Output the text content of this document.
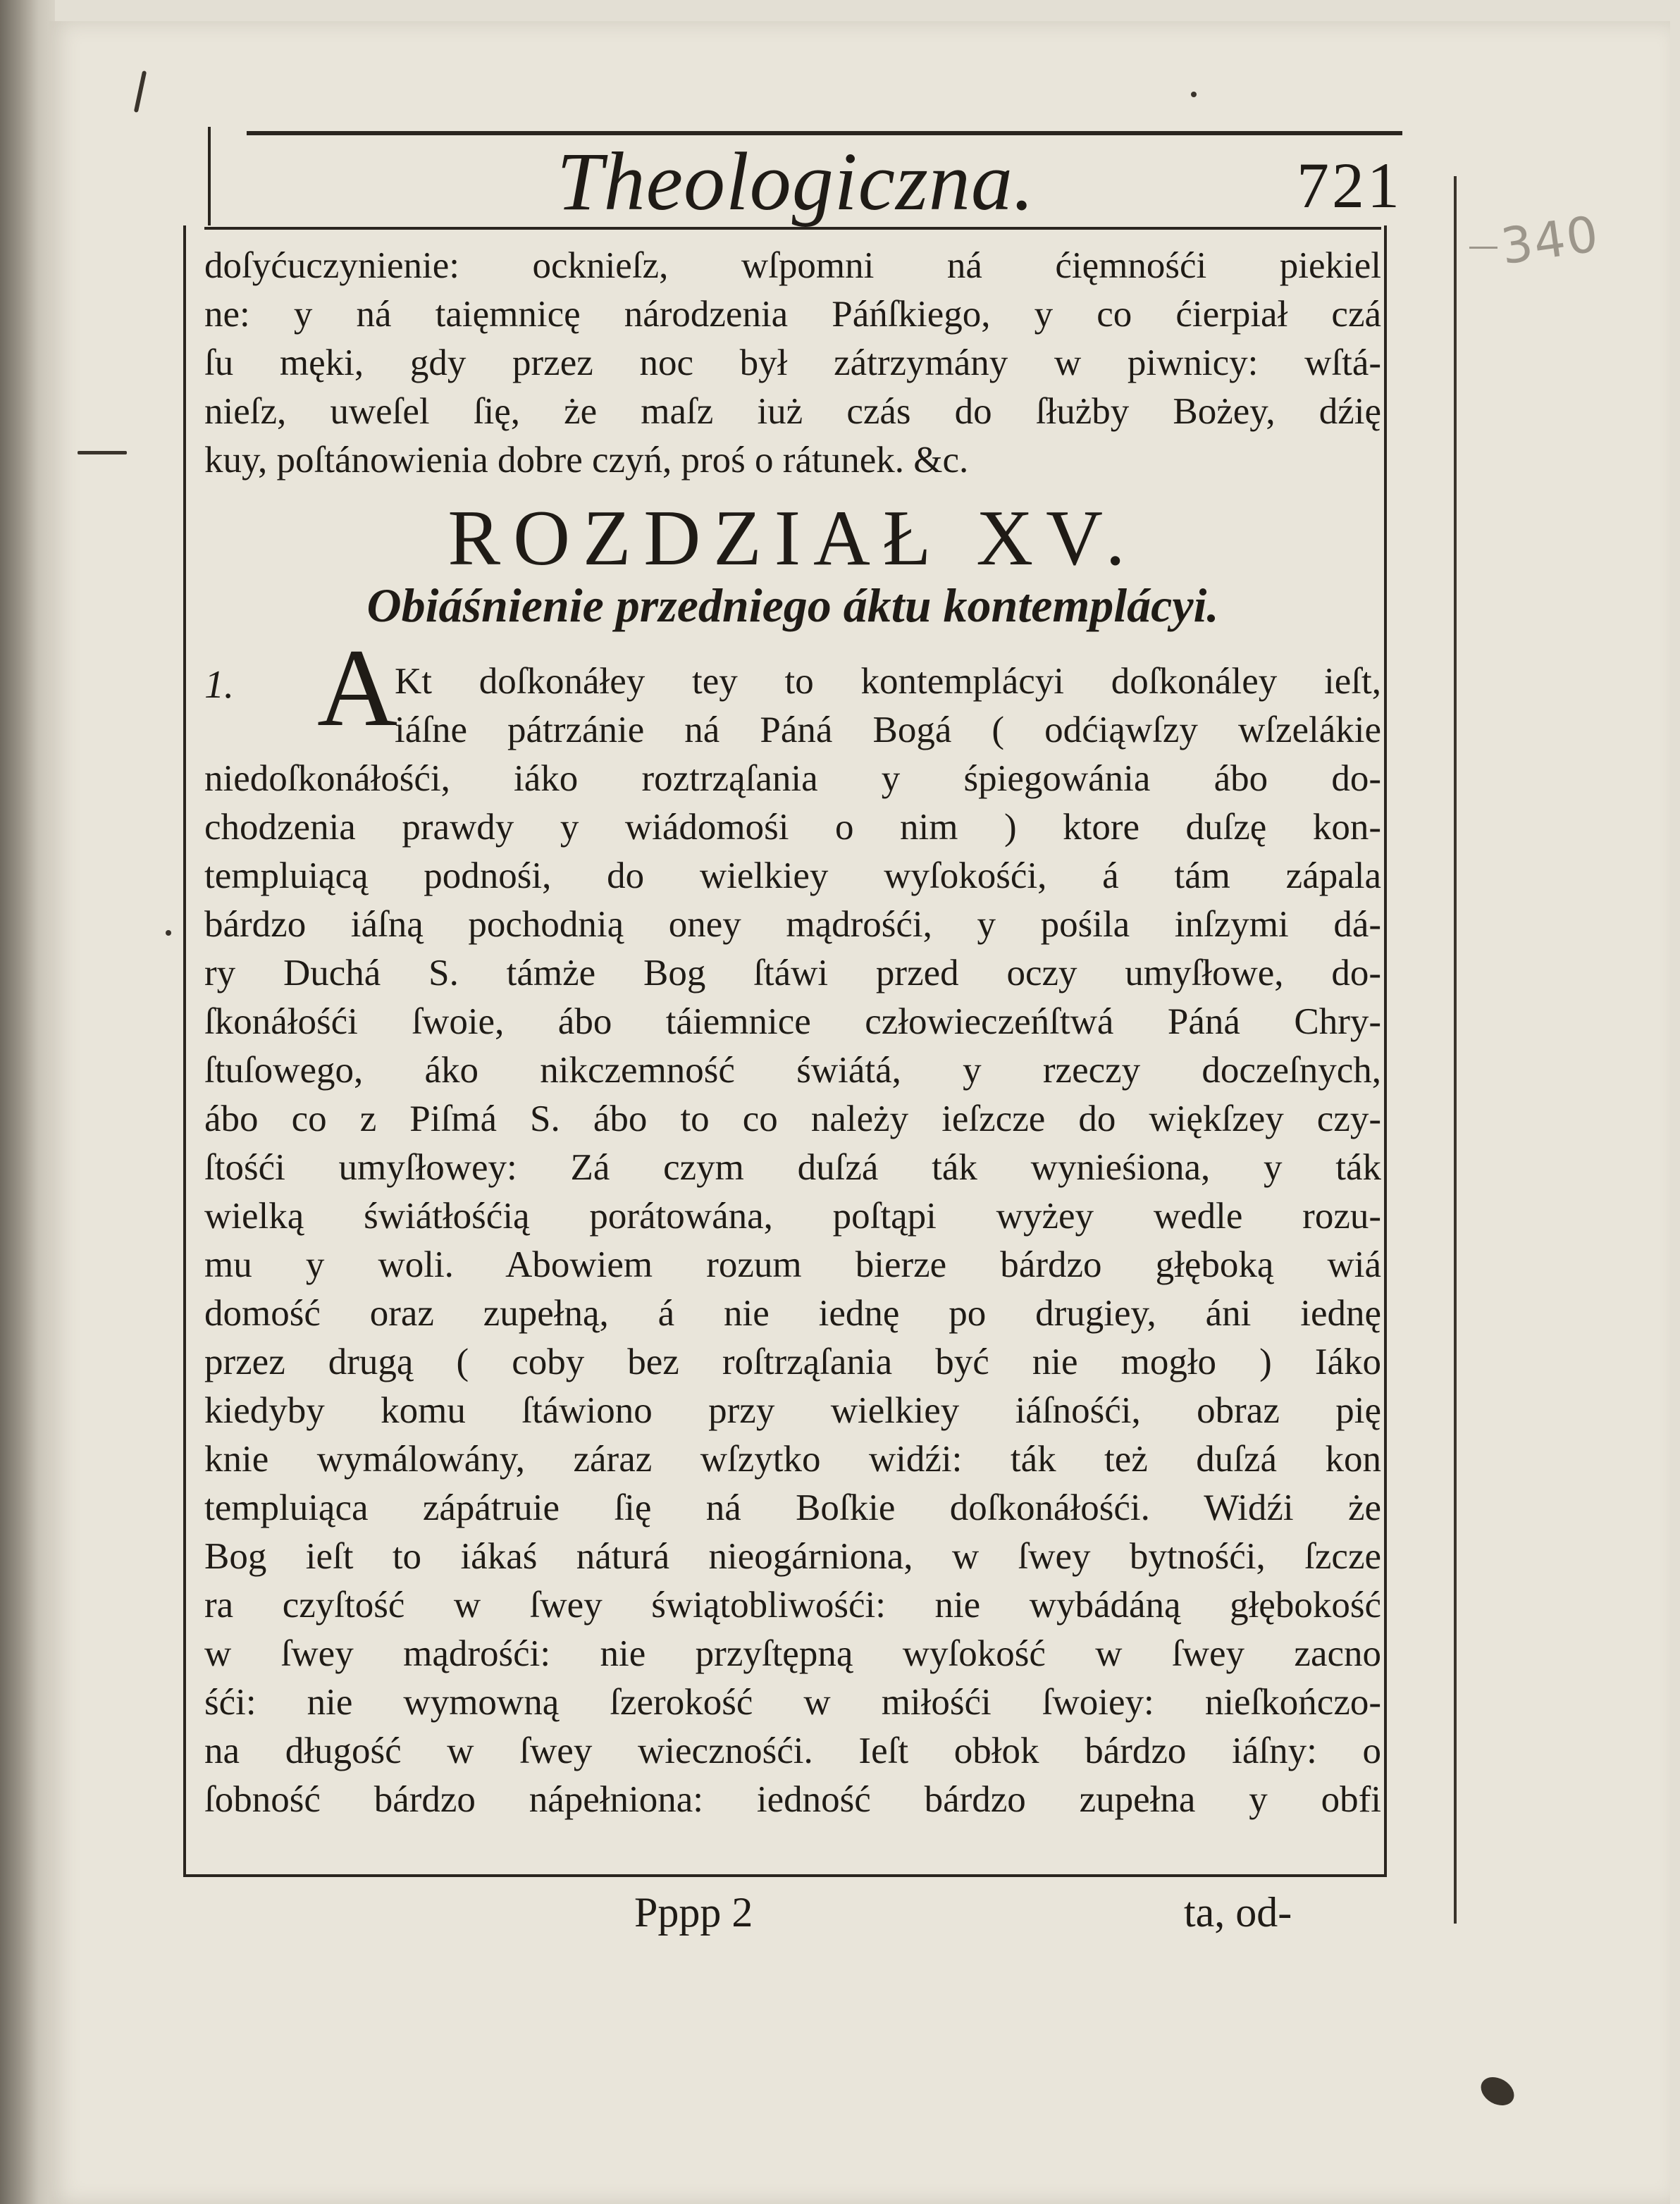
340
Theologiczna.	721
doſyćuczynienie: ocknieſz, wſpomni ná ćięmnośći piekiel
ne: y ná taięmnicę národzenia Páńſkiego, y co ćierpiał czá
ſu męki, gdy przez noc był zátrzymány w piwnicy: wſtá-
nieſz, uweſel ſię, że maſz iuż czás do ſłużby Bożey, dźię
kuy, poſtánowienia dobre czyń, proś o rátunek. &c.
ROZDZIAŁ XV.
Obiáśnienie przedniego áktu kontemplácyi.
1. A
Kt doſkonáłey tey to kontemplácyi doſkonáley ieſt,
iáſne pátrzánie ná Páná Bogá ( odćiąwſzy wſzelákie
niedoſkonáłośći, iáko roztrząſania y śpiegowánia ábo do-
chodzenia prawdy y wiádomośi o nim ) ktore duſzę kon-
templuiącą podnośi, do wielkiey wyſokośći, á tám zápala
bárdzo iáſną pochodnią oney mądrośći, y pośila inſzymi dá-
ry Duchá S. támże Bog ſtáwi przed oczy umyſłowe, do-
ſkonáłośći ſwoie, ábo táiemnice człowieczeńſtwá Páná Chry-
ſtuſowego, áko nikczemność świátá, y rzeczy doczeſnych,
ábo co z Piſmá S. ábo to co należy ieſzcze do więkſzey czy-
ſtośći umyſłowey: Zá czym duſzá ták wynieśiona, y ták
wielką świátłośćią porátowána, poſtąpi wyżey wedle rozu-
mu y woli. Abowiem rozum bierze bárdzo głęboką wiá
domość oraz zupełną, á nie iednę po drugiey, áni iednę
przez drugą ( coby bez roſtrząſania być nie mogło ) Iáko
kiedyby komu ſtáwiono przy wielkiey iáſnośći, obraz pię
knie wymálowány, záraz wſzytko widźi: ták też duſzá kon
templuiąca zápátruie ſię ná Boſkie doſkonáłośći. Widźi że
Bog ieſt to iákaś náturá nieogárniona, w ſwey bytnośći, ſzcze
ra czyſtość w ſwey świątobliwośći: nie wybádáną głębokość
w ſwey mądrośći: nie przyſtępną wyſokość w ſwey zacno
śći: nie wymowną ſzerokość w miłośći ſwoiey: nieſkończo-
na długość w ſwey wiecznośći. Ieſt obłok bárdzo iáſny: o
ſobność bárdzo nápełniona: iedność bárdzo zupełna y obfi
Pppp 2	ta, od-
